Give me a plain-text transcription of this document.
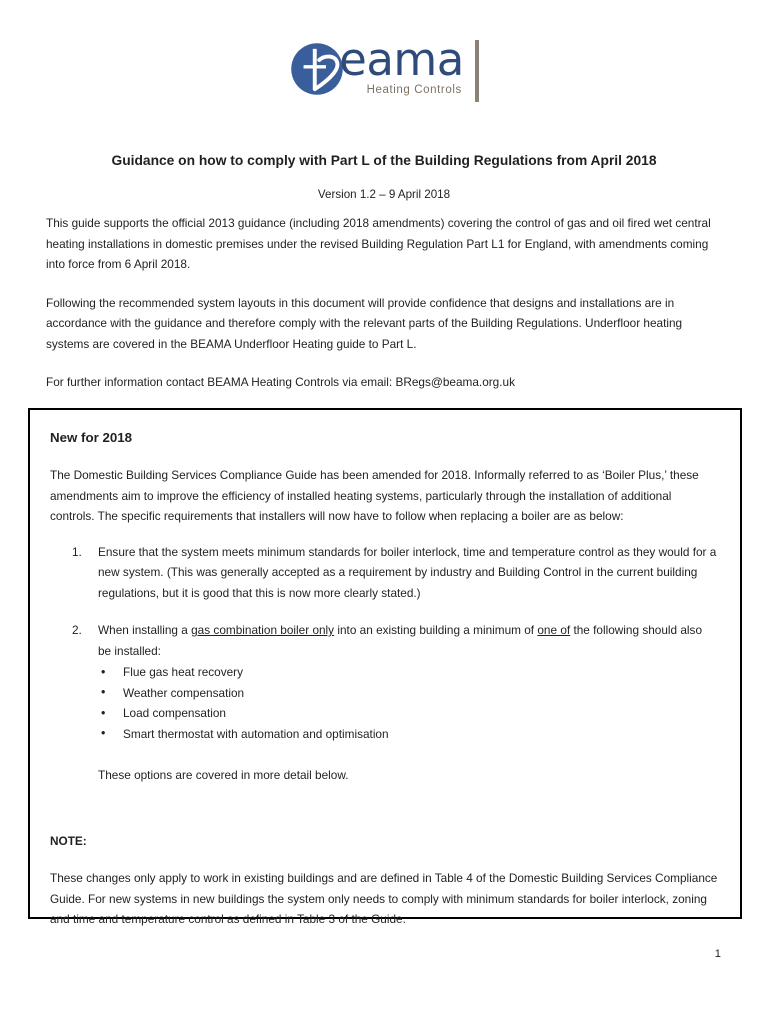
eama
Heating Controls
Guidance on how to comply with Part L of the Building Regulations from April 2018
Version 1.2 – 9 April 2018

This guide supports the official 2013 guidance (including 2018 amendments) covering the control of gas and oil fired wet central heating installations in domestic premises under the revised Building Regulation Part L1 for England, with amendments coming into force from 6 April 2018.

Following the recommended system layouts in this document will provide confidence that designs and installations are in accordance with the guidance and therefore comply with the relevant parts of the Building Regulations. Underfloor heating systems are covered in the BEAMA Underfloor Heating guide to Part L.

For further information contact BEAMA Heating Controls via email: BRegs@beama.org.uk

New for 2018

The Domestic Building Services Compliance Guide has been amended for 2018. Informally referred to as ‘Boiler Plus,’ these amendments aim to improve the efficiency of installed heating systems, particularly through the installation of additional controls. The specific requirements that installers will now have to follow when replacing a boiler are as below:

1. Ensure that the system meets minimum standards for boiler interlock, time and temperature control as they would for a new system. (This was generally accepted as a requirement by industry and Building Control in the current building regulations, but it is good that this is now more clearly stated.)
2. When installing a gas combination boiler only into an existing building a minimum of one of the following should also be installed:
• Flue gas heat recovery
• Weather compensation
• Load compensation
• Smart thermostat with automation and optimisation
These options are covered in more detail below.
NOTE:

These changes only apply to work in existing buildings and are defined in Table 4 of the Domestic Building Services Compliance Guide. For new systems in new buildings the system only needs to comply with minimum standards for boiler interlock, zoning and time and temperature control as defined in Table 3 of the Guide.

1
